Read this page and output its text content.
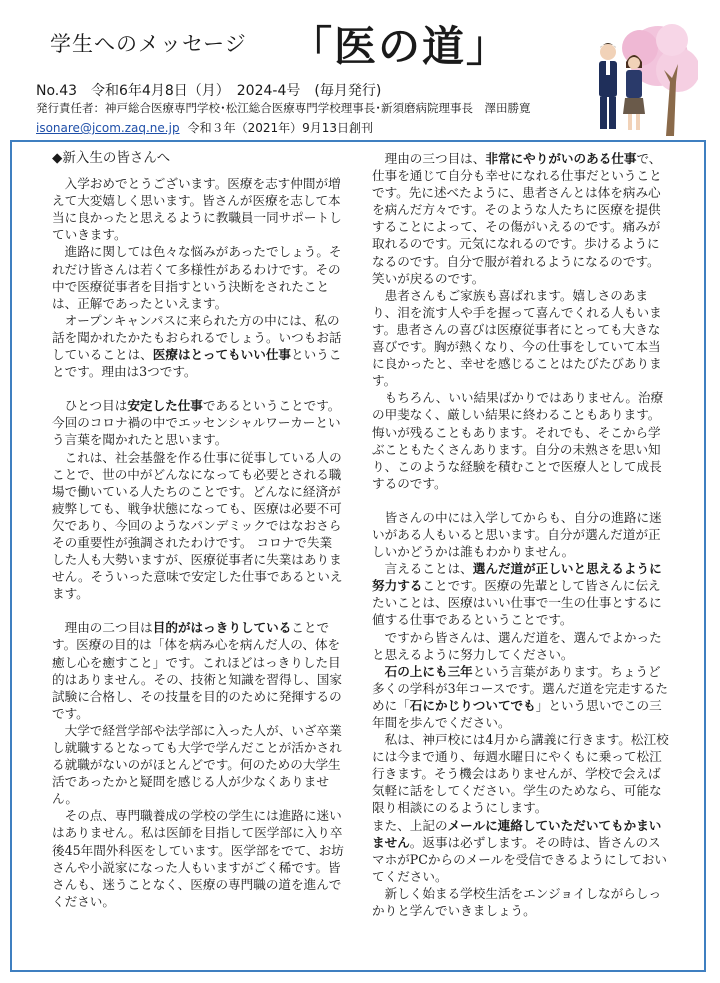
学生へのメッセージ 「医の道」
No.43　令和6年4月8日（月）　2024-4号　(毎月発行)
発行責任者：神戸総合医療専門学校･松江総合医療専門学校理事長･新須磨病院理事長　澤田勝寛
isonare@jcom.zaq.ne.jp 令和３年（2021年）9月13日創刊

◆新入生の皆さんへ

入学おめでとうございます。医療を志す仲間が増えて大変嬉しく思います。皆さんが医療を志して本当に良かったと思えるように教職員一同サポートしていきます。

進路に関しては色々な悩みがあったでしょう。それだけ皆さんは若くて多様性があるわけです。その中で医療従事者を目指すという決断をされたことは、正解であったといえます。

オープンキャンパスに来られた方の中には、私の話を聞かれたかたもおられるでしょう。いつもお話していることは、医療はとってもいい仕事ということです。理由は3つです。

ひとつ目は安定した仕事であるということです。今回のコロナ禍の中でエッセンシャルワーカーという言葉を聞かれたと思います。

これは、社会基盤を作る仕事に従事している人のことで、世の中がどんなになっても必要とされる職場で働いている人たちのことです。どんなに経済が疲弊しても、戦争状態になっても、医療は必要不可欠であり、今回のようなパンデミックではなおさらその重要性が強調されたわけです。 コロナで失業した人も大勢いますが、医療従事者に失業はありません。そういった意味で安定した仕事であるといえます。

理由の二つ目は目的がはっきりしていることです。医療の目的は「体を病み心を病んだ人の、体を癒し心を癒すこと」です。これほどはっきりした目的はありません。その、技術と知識を習得し、国家試験に合格し、その技量を目的のために発揮するのです。

大学で経営学部や法学部に入った人が、いざ卒業し就職するとなっても大学で学んだことが活かされる就職がないのがほとんどです。何のための大学生活であったかと疑問を感じる人が少なくありません。

その点、専門職養成の学校の学生には進路に迷いはありません。私は医師を目指して医学部に入り卒後45年間外科医をしています。医学部をでて、お坊さんや小説家になった人もいますがごく稀です。皆さんも、迷うことなく、医療の専門職の道を進んでください。

理由の三つ目は、非常にやりがいのある仕事で、仕事を通じて自分も幸せになれる仕事だということです。先に述べたように、患者さんとは体を病み心を病んだ方々です。そのような人たちに医療を提供することによって、その傷がいえるのです。痛みが取れるのです。元気になれるのです。歩けるようになるのです。自分で服が着れるようになるのです。笑いが戻るのです。

患者さんもご家族も喜ばれます。嬉しさのあまり、泪を流す人や手を握って喜んでくれる人もいます。患者さんの喜びは医療従事者にとっても大きな喜びです。胸が熱くなり、今の仕事をしていて本当に良かったと、幸せを感じることはたびたびあります。

もちろん、いい結果ばかりではありません。治療の甲斐なく、厳しい結果に終わることもあります。悔いが残ることもあります。それでも、そこから学ぶこともたくさんあります。自分の未熟さを思い知り、このような経験を積むことで医療人として成長するのです。

皆さんの中には入学してからも、自分の進路に迷いがある人もいると思います。自分が選んだ道が正しいかどうかは誰もわかりません。

言えることは、選んだ道が正しいと思えるように努力することです。医療の先輩として皆さんに伝えたいことは、医療はいい仕事で一生の仕事とするに値する仕事であるということです。

ですから皆さんは、選んだ道を、選んでよかったと思えるように努力してください。

石の上にも三年という言葉があります。ちょうど多くの学科が3年コースです。選んだ道を完走するために「石にかじりついてでも」という思いでこの三年間を歩んでください。

私は、神戸校には4月から講義に行きます。松江校には今まで通り、毎週水曜日にやくもに乗って松江行きます。そう機会はありませんが、学校で会えば気軽に話をしてください。学生のためなら、可能な限り相談にのるようにします。

また、上記のメールに連絡していただいてもかまいません。返事は必ずします。その時は、皆さんのスマホがPCからのメールを受信できるようにしておいてください。

新しく始まる学校生活をエンジョイしながらしっかりと学んでいきましょう。
